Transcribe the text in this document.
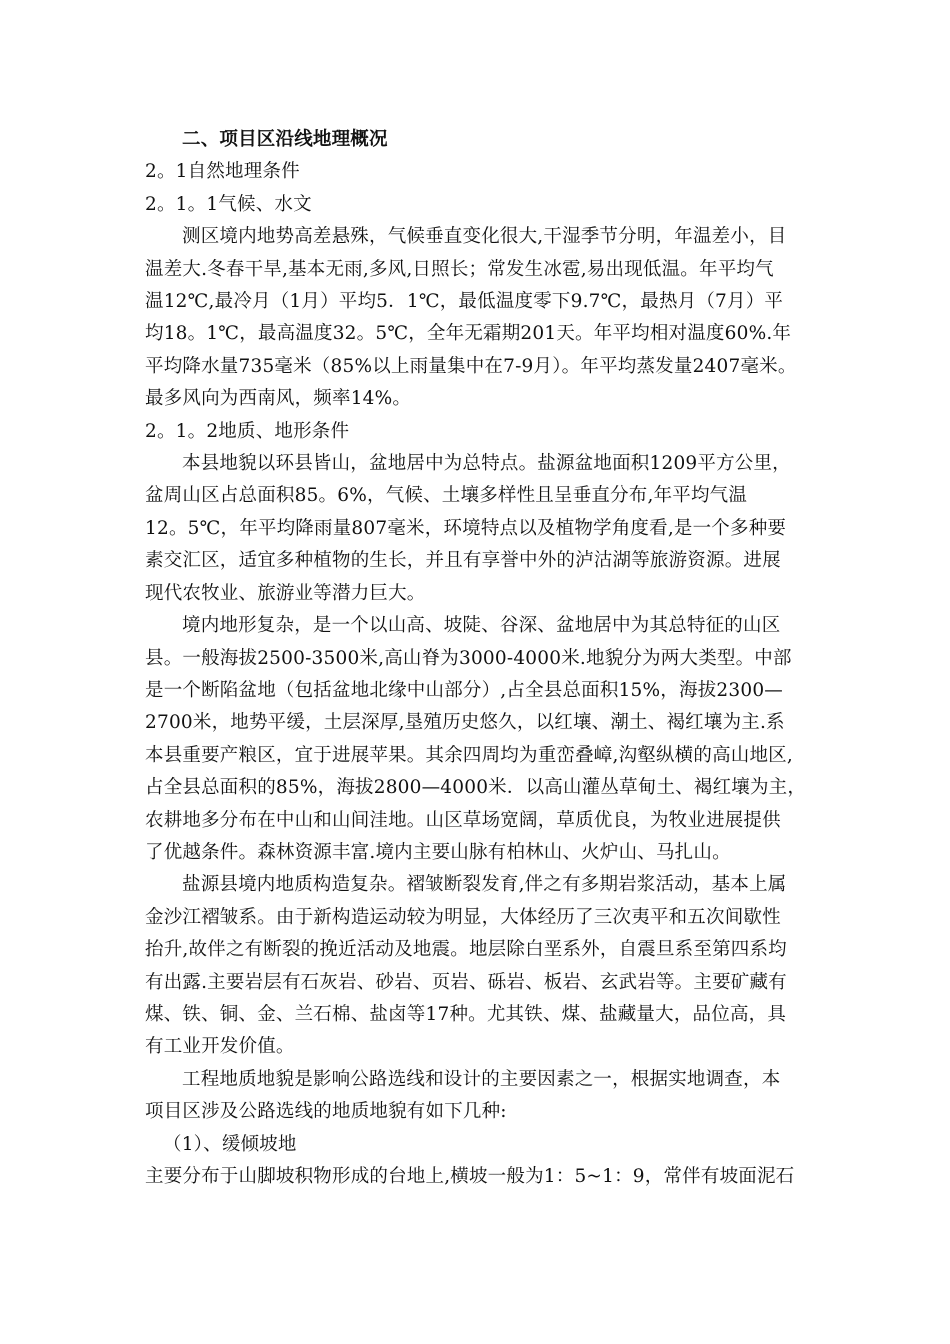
二、项目区沿线地理概况
2。1自然地理条件
2。1。1气候、水文
测区境内地势高差悬殊，气候垂直变化很大,干湿季节分明，年温差小，目
温差大.冬春干旱,基本无雨,多风,日照长；常发生冰雹,易出现低温。年平均气
温12℃,最冷月（1月）平均5．1℃，最低温度零下9.7℃，最热月（7月）平
均18。1℃，最高温度32。5℃，全年无霜期201天。年平均相对温度60%.年
平均降水量735毫米（85%以上雨量集中在7-9月）。年平均蒸发量2407毫米。
最多风向为西南风，频率14%。
2。1。2地质、地形条件
本县地貌以环县皆山，盆地居中为总特点。盐源盆地面积1209平方公里，
盆周山区占总面积85。6%，气候、土壤多样性且呈垂直分布,年平均气温
12。5℃，年平均降雨量807毫米，环境特点以及植物学角度看,是一个多种要
素交汇区，适宜多种植物的生长，并且有享誉中外的泸沽湖等旅游资源。进展
现代农牧业、旅游业等潜力巨大。
境内地形复杂，是一个以山高、坡陡、谷深、盆地居中为其总特征的山区
县。一般海拔2500-3500米,高山脊为3000-4000米.地貌分为两大类型。中部
是一个断陷盆地（包括盆地北缘中山部分）,占全县总面积15%，海拔2300—
2700米，地势平缓，土层深厚,垦殖历史悠久，以红壤、潮土、褐红壤为主.系
本县重要产粮区，宜于进展苹果。其余四周均为重峦叠嶂,沟壑纵横的高山地区,
占全县总面积的85%，海拔2800—4000米．以高山灌丛草甸土、褐红壤为主，
农耕地多分布在中山和山间洼地。山区草场宽阔，草质优良，为牧业进展提供
了优越条件。森林资源丰富.境内主要山脉有柏林山、火炉山、马扎山。
盐源县境内地质构造复杂。褶皱断裂发育,伴之有多期岩浆活动，基本上属
金沙江褶皱系。由于新构造运动较为明显，大体经历了三次夷平和五次间歇性
抬升,故伴之有断裂的挽近活动及地震。地层除白垩系外，自震旦系至第四系均
有出露.主要岩层有石灰岩、砂岩、页岩、砾岩、板岩、玄武岩等。主要矿藏有
煤、铁、铜、金、兰石棉、盐卤等17种。尤其铁、煤、盐藏量大，品位高，具
有工业开发价值。
工程地质地貌是影响公路选线和设计的主要因素之一，根据实地调查，本
项目区涉及公路选线的地质地貌有如下几种:
（1）、缓倾坡地
主要分布于山脚坡积物形成的台地上,横坡一般为1：5~1：9，常伴有坡面泥石
